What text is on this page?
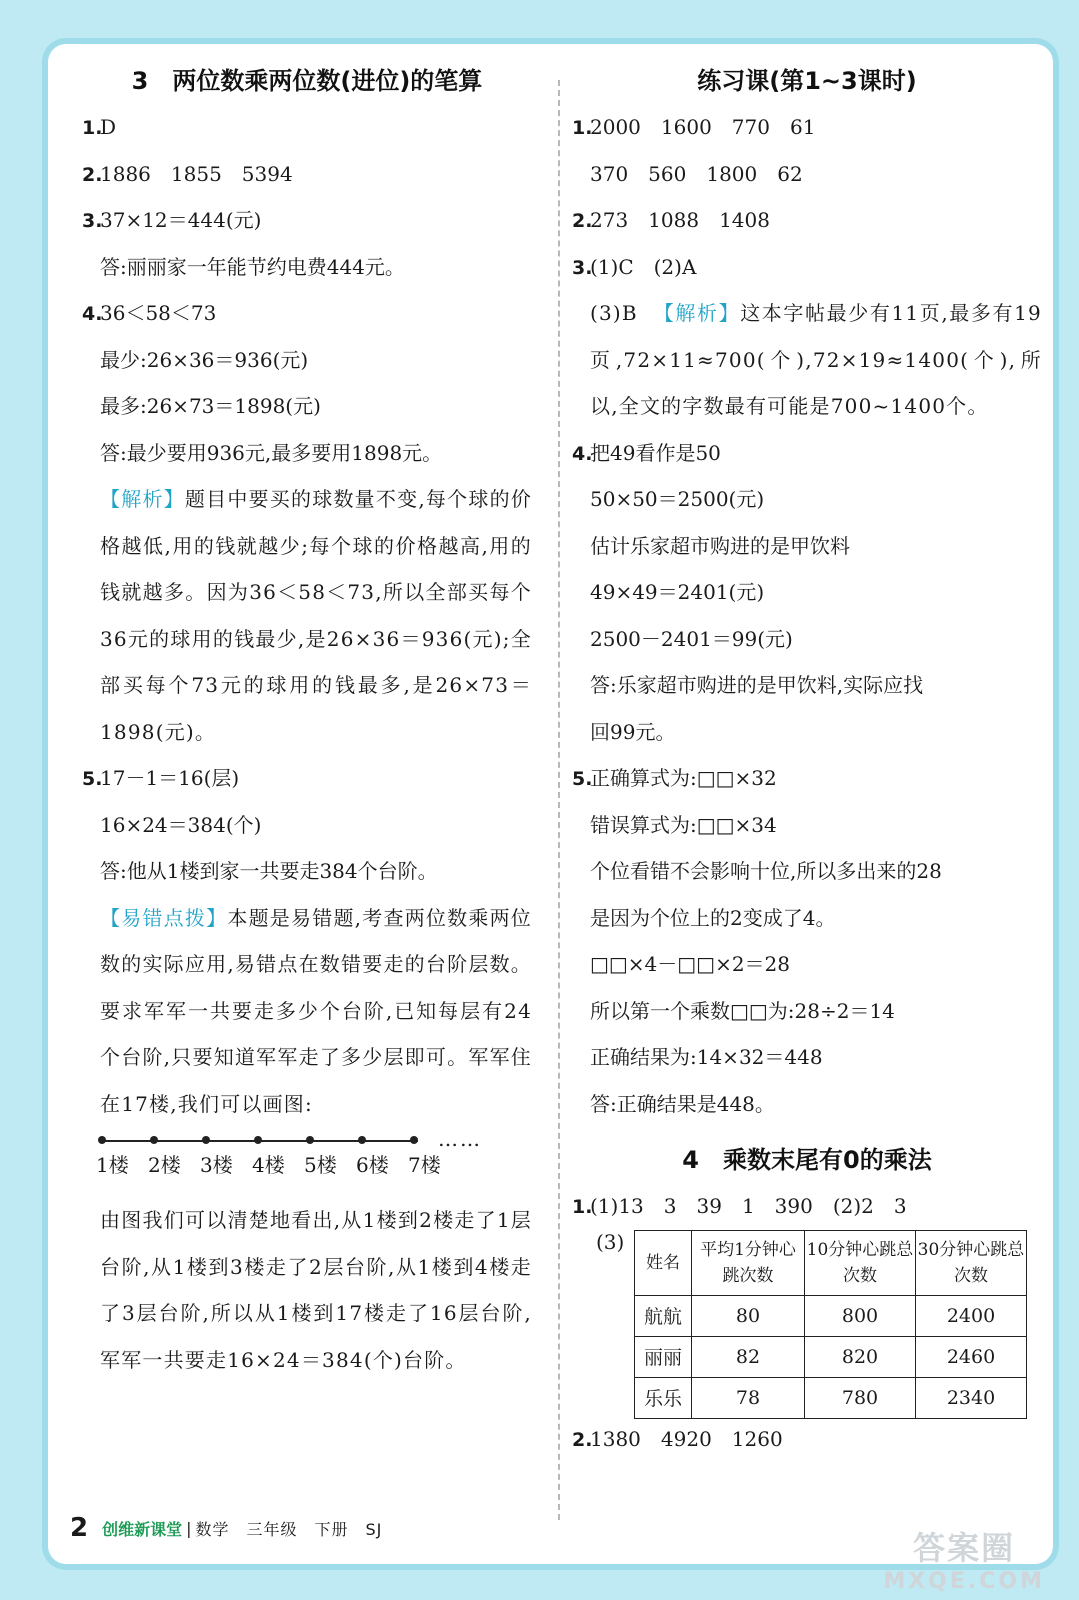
3 两位数乘两位数(进位)的笔算
1.D
2.1886　1855　5394
3.37×12＝444(元)
答:丽丽家一年能节约电费444元。
4.36＜58＜73
最少:26×36＝936(元)
最多:26×73＝1898(元)
答:最少要用936元,最多要用1898元。
【解析】题目中要买的球数量不变,每个球的价格越低,用的钱就越少;每个球的价格越高,用的钱就越多。因为36＜58＜73,所以全部买每个36元的球用的钱最少,是26×36＝936(元);全部买每个73元的球用的钱最多,是26×73＝1898(元)。
5.17－1＝16(层)
16×24＝384(个)
答:他从1楼到家一共要走384个台阶。
【易错点拨】本题是易错题,考查两位数乘两位数的实际应用,易错点在数错要走的台阶层数。要求军军一共要走多少个台阶,已知每层有24个台阶,只要知道军军走了多少层即可。军军住在17楼,我们可以画图:
……
1楼 2楼 3楼 4楼 5楼 6楼 7楼
由图我们可以清楚地看出,从1楼到2楼走了1层台阶,从1楼到3楼走了2层台阶,从1楼到4楼走了3层台阶,所以从1楼到17楼走了16层台阶,军军一共要走16×24＝384(个)台阶。
练习课(第1~3课时)
1.2000　1600　770　61
370　560　1800　62
2.273　1088　1408
3.(1)C　(2)A
(3)B 【解析】这本字帖最少有11页,最多有19页,72×11≈700(个),72×19≈1400(个),所以,全文的字数最有可能是700~1400个。
4.把49看作是50
50×50＝2500(元)
估计乐家超市购进的是甲饮料
49×49＝2401(元)
2500－2401＝99(元)
答:乐家超市购进的是甲饮料,实际应找
回99元。
5.正确算式为:□□×32
错误算式为:□□×34
个位看错不会影响十位,所以多出来的28
是因为个位上的2变成了4。
□□×4－□□×2＝28
所以第一个乘数□□为:28÷2＝14
正确结果为:14×32＝448
答:正确结果是448。
4 乘数末尾有0的乘法
1.(1)13　3　39　1　390　(2)2　3
(3)
姓名	平均1分钟心跳次数	10分钟心跳总次数	30分钟心跳总次数
航航	80	800	2400
丽丽	82	820	2460
乐乐	78	780	2340
2.1380　4920　1260
2 创维新课堂 | 数学　三年级　下册　SJ	答案圈
MXQE.COM
